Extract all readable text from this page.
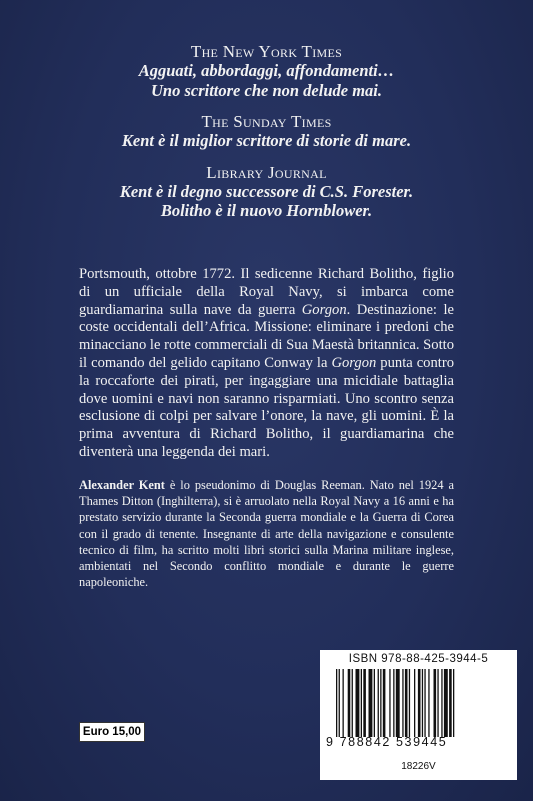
The New York Times
Agguati, abbordaggi, affondamenti…
Uno scrittore che non delude mai.
The Sunday Times
Kent è il miglior scrittore di storie di mare.
Library Journal
Kent è il degno successore di C.S. Forester.
Bolitho è il nuovo Hornblower.
Portsmouth, ottobre 1772. Il sedicenne Richard Bolitho, figlio di un ufficiale della Royal Navy, si imbarca come guardiamarina sulla nave da guerra Gorgon. Destinazione: le coste occidentali dell’Africa. Missione: eliminare i predoni che minacciano le rotte commerciali di Sua Maestà britannica. Sotto il comando del gelido capitano Conway la Gorgon punta contro la roccaforte dei pirati, per ingaggiare una micidiale battaglia dove uomini e navi non saranno risparmiati. Uno scontro senza esclusione di colpi per salvare l’onore, la nave, gli uomini. È la prima avventura di Richard Bolitho, il guardiamarina che diventerà una leggenda dei mari.
Alexander Kent è lo pseudonimo di Douglas Reeman. Nato nel 1924 a Thames Ditton (Inghilterra), si è arruolato nella Royal Navy a 16 anni e ha prestato servizio durante la Seconda guerra mondiale e la Guerra di Corea con il grado di tenente. Insegnante di arte della navigazione e consulente tecnico di film, ha scritto molti libri storici sulla Marina militare inglese, ambientati nel Secondo conflitto mondiale e durante le guerre napoleoniche.
ISBN 978-88-425-3944-5
9 788842 539445
18226V
Euro 15,00
